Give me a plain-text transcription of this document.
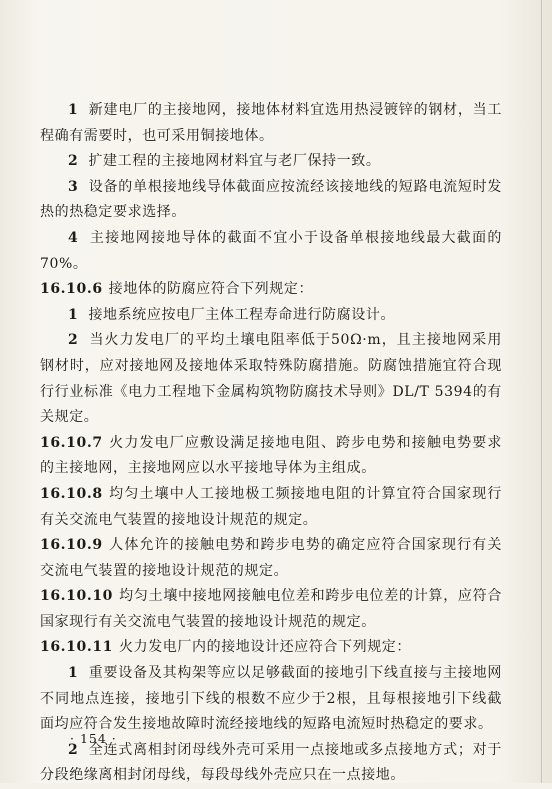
1 新建电厂的主接地网，接地体材料宜选用热浸镀锌的钢材，当工程确有需要时，也可采用铜接地体。

2 扩建工程的主接地网材料宜与老厂保持一致。

3 设备的单根接地线导体截面应按流经该接地线的短路电流短时发热的热稳定要求选择。

4 主接地网接地导体的截面不宜小于设备单根接地线最大截面的70%。

16.10.6 接地体的防腐应符合下列规定：

1 接地系统应按电厂主体工程寿命进行防腐设计。

2 当火力发电厂的平均土壤电阻率低于50Ω·m，且主接地网采用钢材时，应对接地网及接地体采取特殊防腐措施。防腐蚀措施宜符合现行行业标准《电力工程地下金属构筑物防腐技术导则》DL/T 5394的有关规定。

16.10.7 火力发电厂应敷设满足接地电阻、跨步电势和接触电势要求的主接地网，主接地网应以水平接地导体为主组成。

16.10.8 均匀土壤中人工接地极工频接地电阻的计算宜符合国家现行有关交流电气装置的接地设计规范的规定。

16.10.9 人体允许的接触电势和跨步电势的确定应符合国家现行有关交流电气装置的接地设计规范的规定。

16.10.10 均匀土壤中接地网接触电位差和跨步电位差的计算，应符合国家现行有关交流电气装置的接地设计规范的规定。

16.10.11 火力发电厂内的接地设计还应符合下列规定：

1 重要设备及其构架等应以足够截面的接地引下线直接与主接地网不同地点连接，接地引下线的根数不应少于2根，且每根接地引下线截面均应符合发生接地故障时流经接地线的短路电流短时热稳定的要求。

2 全连式离相封闭母线外壳可采用一点接地或多点接地方式；对于分段绝缘离相封闭母线，每段母线外壳应只在一点接地。

· 154 ·
